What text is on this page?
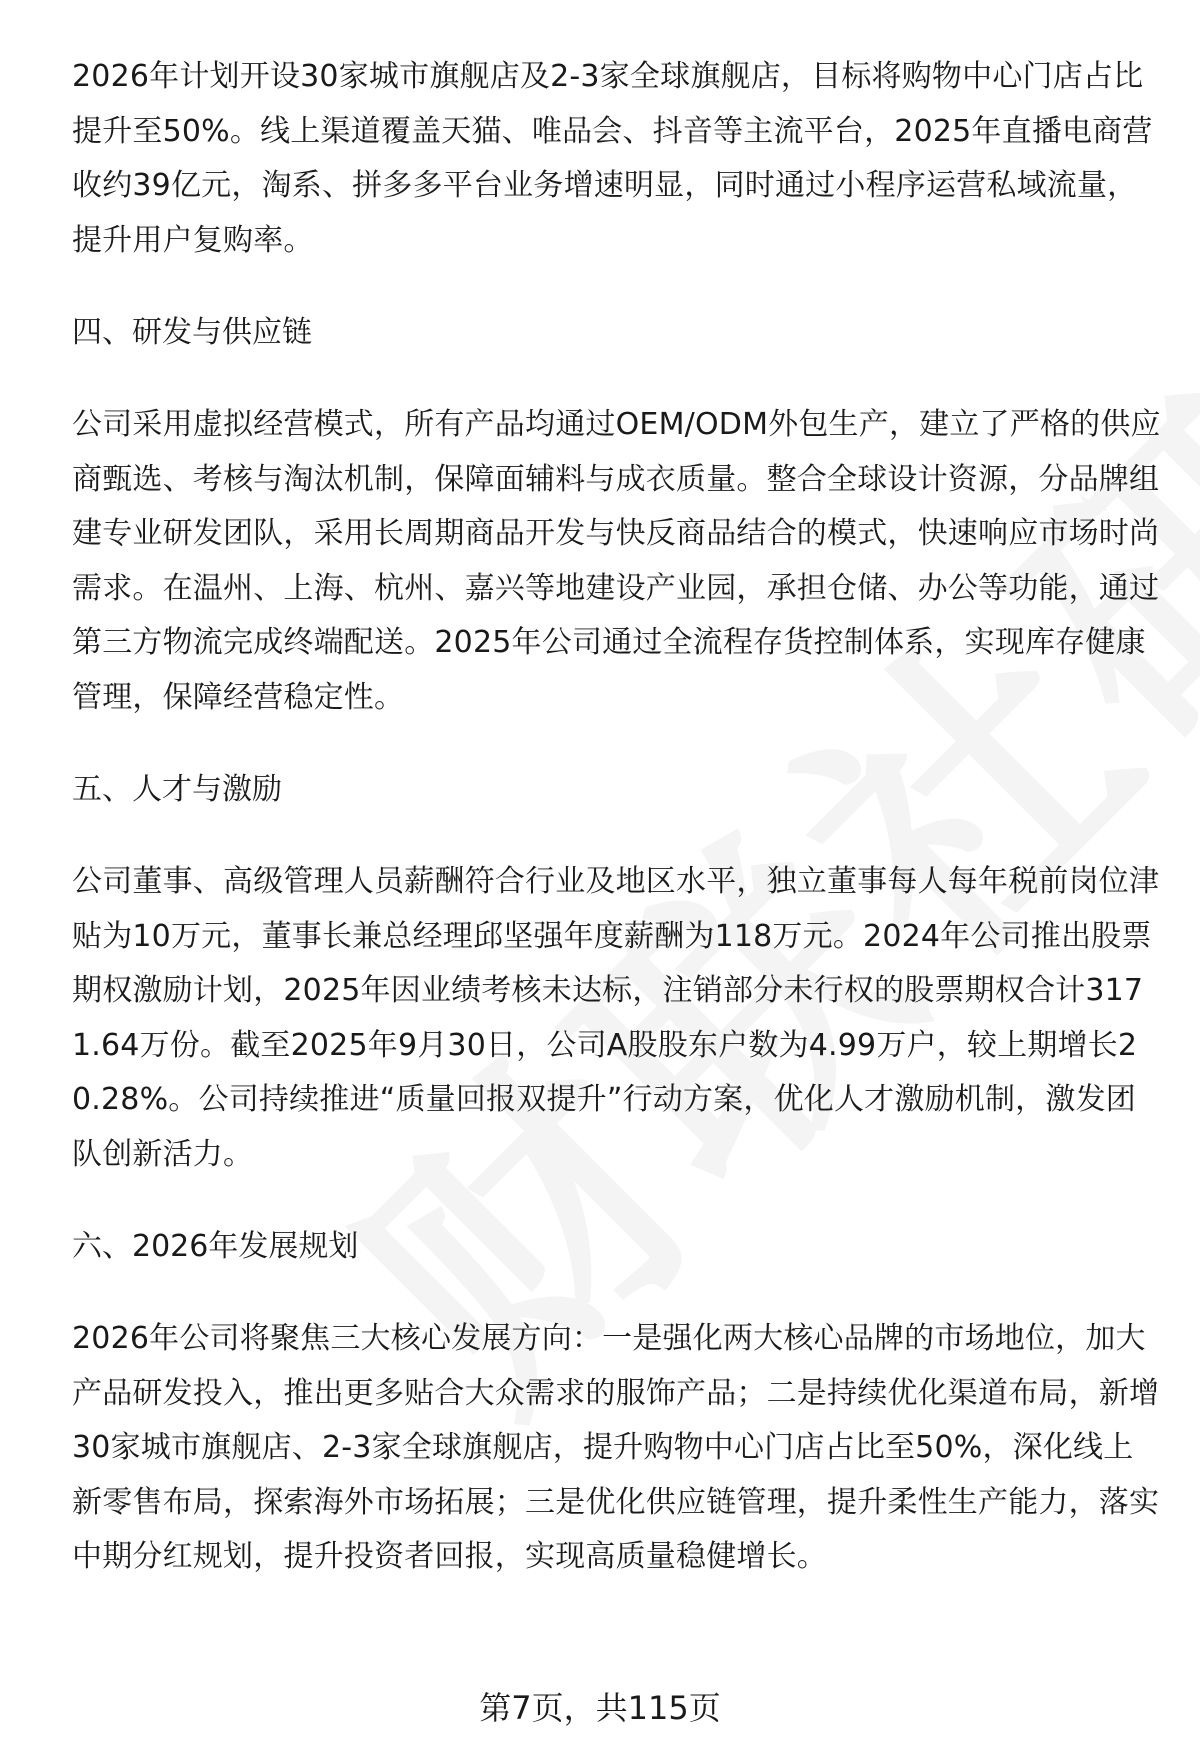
2026年计划开设30家城市旗舰店及2-3家全球旗舰店，目标将购物中心门店占比提升至50%。线上渠道覆盖天猫、唯品会、抖音等主流平台，2025年直播电商营收约39亿元，淘系、拼多多平台业务增速明显，同时通过小程序运营私域流量，提升用户复购率。

四、研发与供应链

公司采用虚拟经营模式，所有产品均通过OEM/ODM外包生产，建立了严格的供应商甄选、考核与淘汰机制，保障面辅料与成衣质量。整合全球设计资源，分品牌组建专业研发团队，采用长周期商品开发与快反商品结合的模式，快速响应市场时尚需求。在温州、上海、杭州、嘉兴等地建设产业园，承担仓储、办公等功能，通过第三方物流完成终端配送。2025年公司通过全流程存货控制体系，实现库存健康管理，保障经营稳定性。

五、人才与激励

公司董事、高级管理人员薪酬符合行业及地区水平，独立董事每人每年税前岗位津贴为10万元，董事长兼总经理邱坚强年度薪酬为118万元。2024年公司推出股票期权激励计划，2025年因业绩考核未达标，注销部分未行权的股票期权合计3171.64万份。截至2025年9月30日，公司A股股东户数为4.99万户，较上期增长20.28%。公司持续推进“质量回报双提升”行动方案，优化人才激励机制，激发团队创新活力。

六、2026年发展规划

2026年公司将聚焦三大核心发展方向：一是强化两大核心品牌的市场地位，加大产品研发投入，推出更多贴合大众需求的服饰产品；二是持续优化渠道布局，新增30家城市旗舰店、2-3家全球旗舰店，提升购物中心门店占比至50%，深化线上新零售布局，探索海外市场拓展；三是优化供应链管理，提升柔性生产能力，落实中期分红规划，提升投资者回报，实现高质量稳健增长。

第7页，共115页
